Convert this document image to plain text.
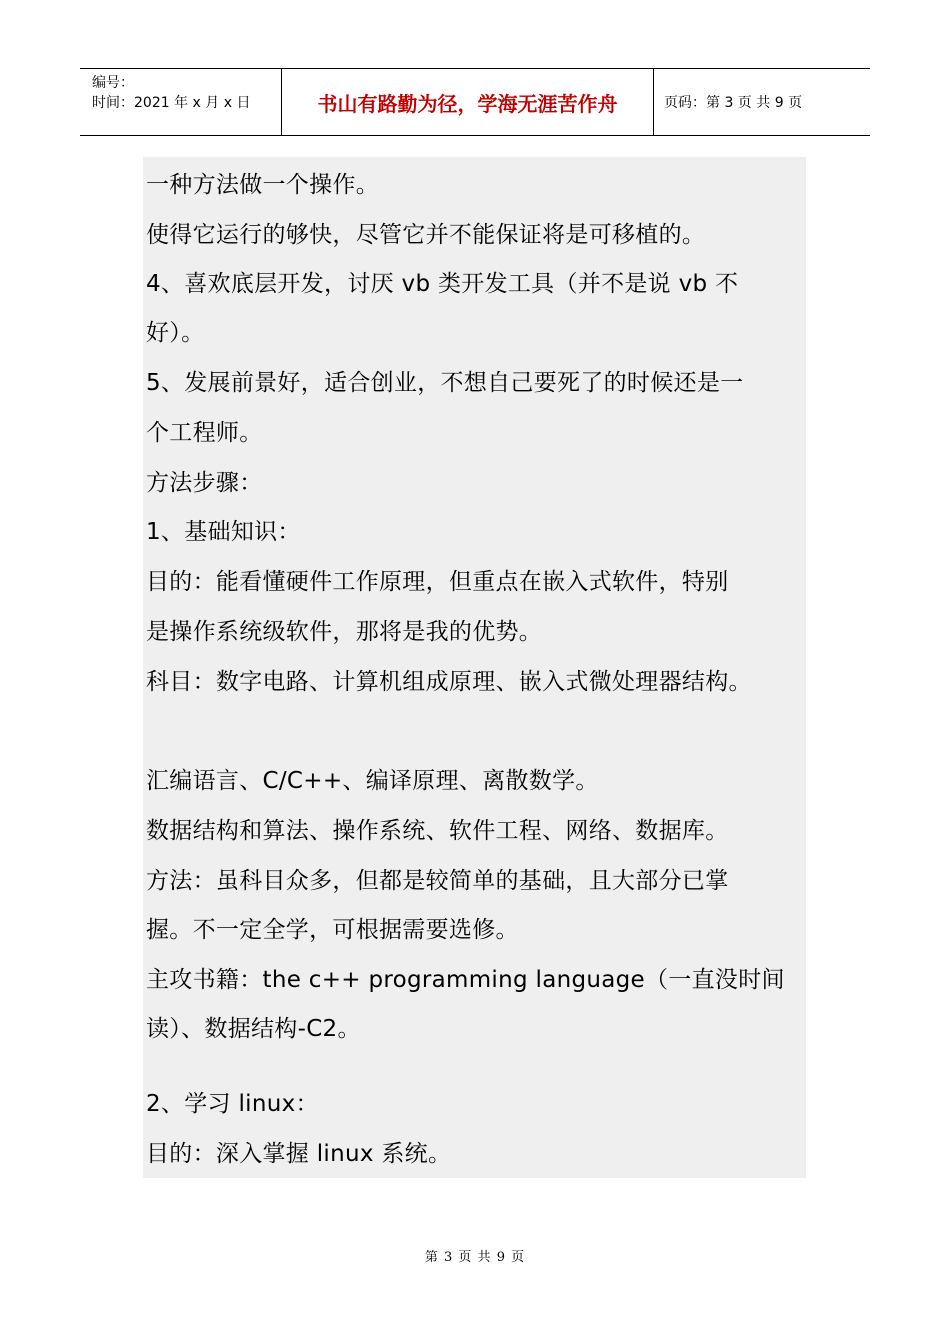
编号：
时间：2021 年 x 月 x 日	书山有路勤为径，学海无涯苦作舟	页码：第 3 页 共 9 页
一种方法做一个操作。
使得它运行的够快，尽管它并不能保证将是可移植的。
4、喜欢底层开发，讨厌 vb 类开发工具（并不是说 vb 不
好）。
5、发展前景好，适合创业，不想自己要死了的时候还是一
个工程师。
方法步骤：
1、基础知识：
目的：能看懂硬件工作原理，但重点在嵌入式软件，特别
是操作系统级软件，那将是我的优势。
科目：数字电路、计算机组成原理、嵌入式微处理器结构。
汇编语言、C/C++、编译原理、离散数学。
数据结构和算法、操作系统、软件工程、网络、数据库。
方法：虽科目众多，但都是较简单的基础，且大部分已掌
握。不一定全学，可根据需要选修。
主攻书籍：the c++ programming language（一直没时间
读）、数据结构-C2。
2、学习 linux：
目的：深入掌握 linux 系统。
第 3 页 共 9 页
